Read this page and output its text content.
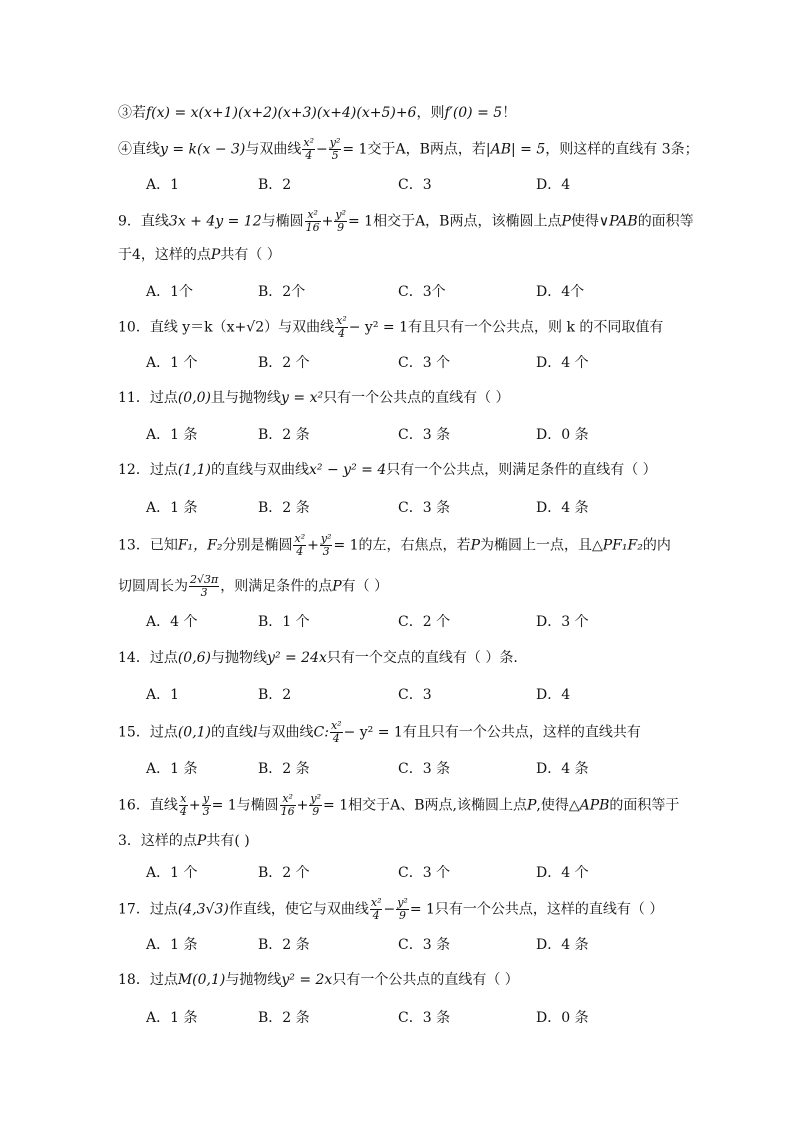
③若f(x) = x(x+1)(x+2)(x+3)(x+4)(x+5)+6，则f′(0) = 5！
④直线y = k(x − 3)与双曲线 $\frac{\text{x²}}{4} - \frac{\text{y²}}{5} = 1$交于A，B两点，若|AB| = 5，则这样的直线有 3条；
A．1	B．2	C．3	D．4
9．直线3x + 4y = 12与椭圆 $\frac{\text{x²}}{16} + \frac{\text{y²}}{9} = 1$相交于A，B两点，该椭圆上点P使得∨PAB的面积等
于4，这样的点P共有（ ）
A．1个	B．2个	C．3个	D．4个
10．直线 y＝k（x+√2）与双曲线 $\frac{\text{x²}}{4} - y^2 = 1$有且只有一个公共点，则 k 的不同取值有
A．1 个	B．2 个	C．3 个	D．4 个
11．过点(0,0)且与抛物线y = x²只有一个公共点的直线有（ ）
A．1 条	B．2 条	C．3 条	D．0 条
12．过点(1,1)的直线与双曲线x² − y² = 4只有一个公共点，则满足条件的直线有（ ）
A．1 条	B．2 条	C．3 条	D．4 条
13．已知F₁，F₂分别是椭圆 $\frac{\text{x²}}{4} + \frac{\text{y²}}{3} = 1$的左，右焦点，若P为椭圆上一点，且△PF₁F₂的内
切圆周长为 $\frac{2√3\pi}{3}$ ，则满足条件的点P有（ ）
A．4 个	B．1 个	C．2 个	D．3 个
14．过点(0,6)与抛物线y² = 24x只有一个交点的直线有（ ）条.
A．1	B．2	C．3	D．4
15．过点(0,1)的直线l与双曲线C: $\frac{\text{x²}}{4} - y^2 = 1$有且只有一个公共点，这样的直线共有
A．1 条	B．2 条	C．3 条	D．4 条
16．直线 $\frac{x}{4} + \frac{y}{3} = 1$与椭圆 $\frac{\text{x²}}{16} + \frac{\text{y²}}{9} = 1$相交于A、B两点,该椭圆上点P,使得△APB的面积等于
3．这样的点P共有( )
A．1 个	B．2 个	C．3 个	D．4 个
17．过点(4,3√3)作直线，使它与双曲线 $\frac{\text{x²}}{4} - \frac{\text{y²}}{9} = 1$只有一个公共点，这样的直线有（ ）
A．1 条	B．2 条	C．3 条	D．4 条
18．过点M(0,1)与抛物线y² = 2x只有一个公共点的直线有（ ）
A．1 条	B．2 条	C．3 条	D．0 条
